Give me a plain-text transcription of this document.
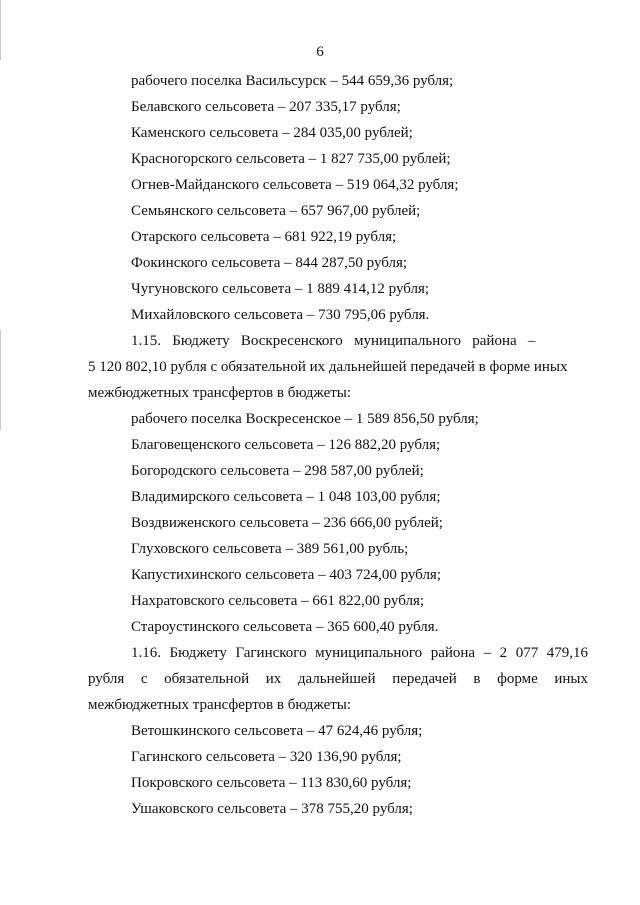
6
рабочего поселка Васильсурск – 544 659,36 рубля;
Белавского сельсовета – 207 335,17 рубля;
Каменского сельсовета – 284 035,00 рублей;
Красногорского сельсовета – 1 827 735,00 рублей;
Огнев-Майданского сельсовета – 519 064,32 рубля;
Семьянского сельсовета – 657 967,00 рублей;
Отарского сельсовета – 681 922,19 рубля;
Фокинского сельсовета – 844 287,50 рубля;
Чугуновского сельсовета – 1 889 414,12 рубля;
Михайловского сельсовета – 730 795,06 рубля.
1.15.   Бюджету   Воскресенского   муниципального   района   –
5 120 802,10 рубля с обязательной их дальнейшей передачей в форме иных
межбюджетных трансфертов в бюджеты:
рабочего поселка Воскресенское – 1 589 856,50 рубля;
Благовещенского сельсовета – 126 882,20 рубля;
Богородского сельсовета – 298 587,00 рублей;
Владимирского сельсовета – 1 048 103,00 рубля;
Воздвиженского сельсовета – 236 666,00 рублей;
Глуховского сельсовета – 389 561,00 рубль;
Капустихинского сельсовета – 403 724,00 рубля;
Нахратовского сельсовета – 661 822,00 рубля;
Староустинского сельсовета – 365 600,40 рубля.
1.16. Бюджету Гагинского муниципального района – 2 077 479,16
рубля с обязательной их дальнейшей передачей в форме иных
межбюджетных трансфертов в бюджеты:
Ветошкинского сельсовета – 47 624,46 рубля;
Гагинского сельсовета – 320 136,90 рубля;
Покровского сельсовета – 113 830,60 рубля;
Ушаковского сельсовета – 378 755,20 рубля;
